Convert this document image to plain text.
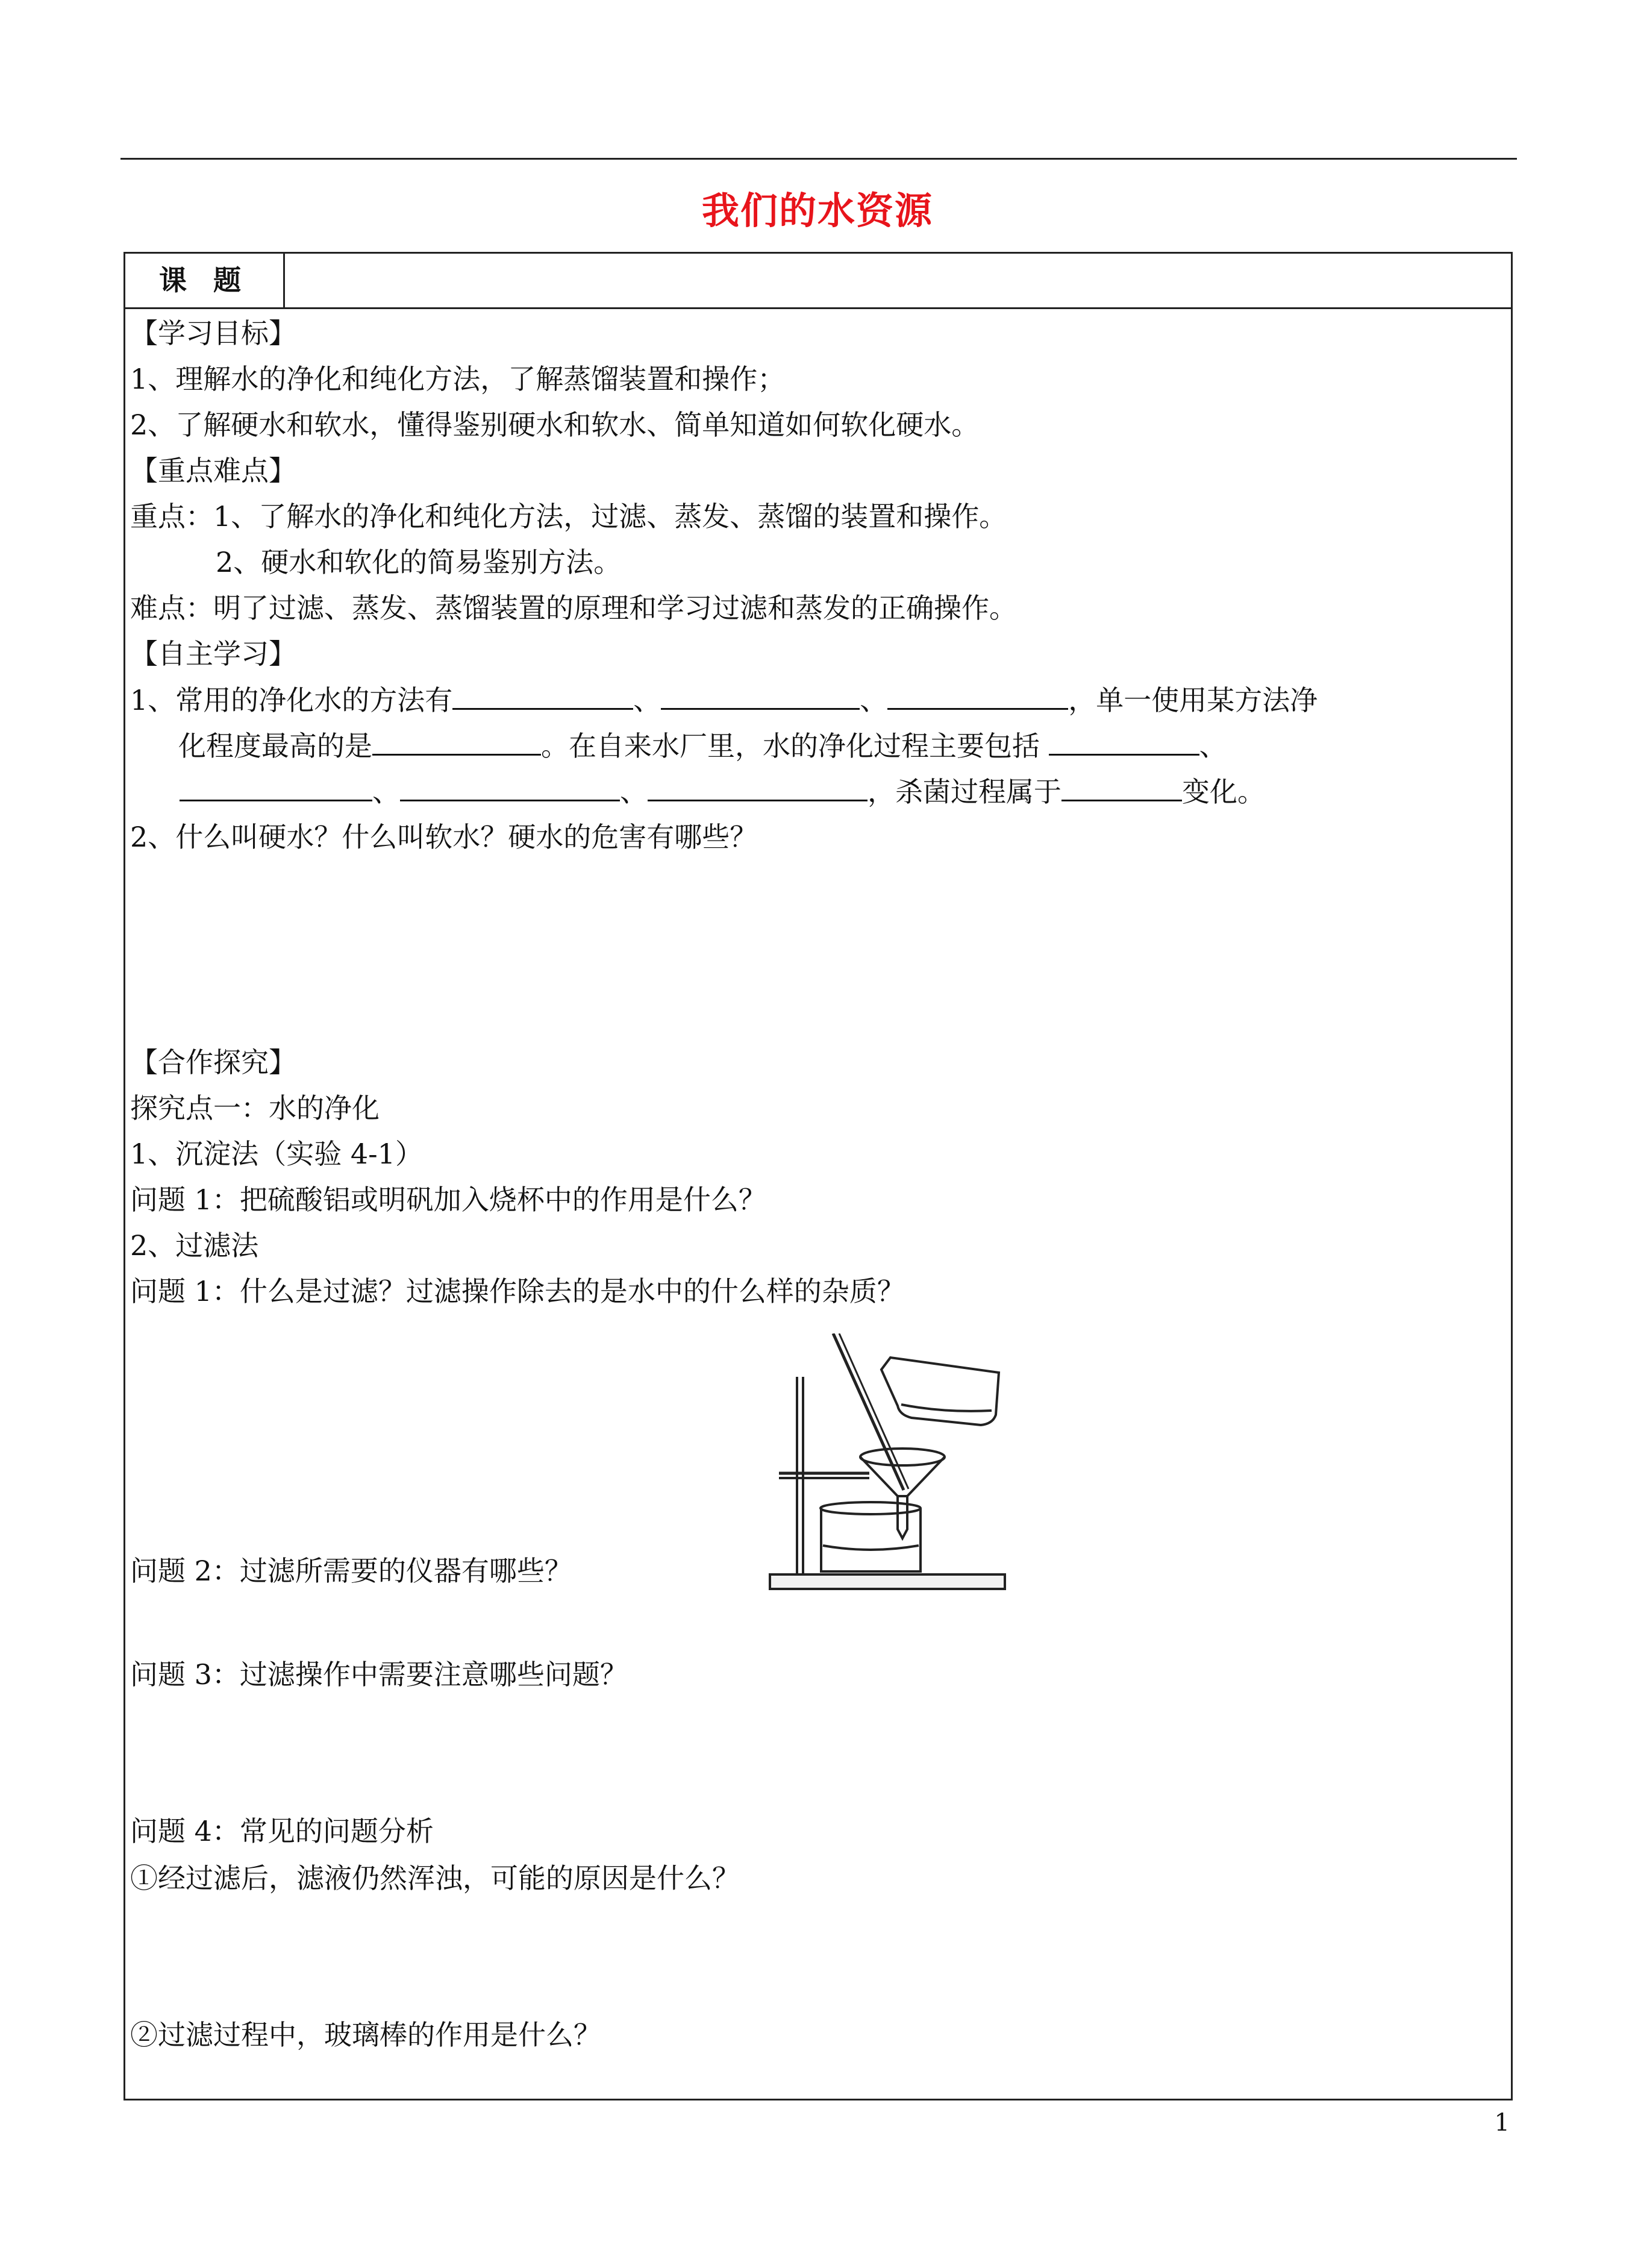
我们的水资源
课 题
【学习目标】
1、理解水的净化和纯化方法，了解蒸馏装置和操作；
2、了解硬水和软水，懂得鉴别硬水和软水、简单知道如何软化硬水。
【重点难点】
重点：1、了解水的净化和纯化方法，过滤、蒸发、蒸馏的装置和操作。
2、硬水和软化的简易鉴别方法。
难点：明了过滤、蒸发、蒸馏装置的原理和学习过滤和蒸发的正确操作。
【自主学习】
1、常用的净化水的方法有	、	、	，单一使用某方法净
化程度最高的是	。在自来水厂里，水的净化过程主要包括	、
、	、	，杀菌过程属于	变化。
2、什么叫硬水？什么叫软水？硬水的危害有哪些？
【合作探究】
探究点一：水的净化
1、沉淀法（实验 4-1）
问题 1：把硫酸铝或明矾加入烧杯中的作用是什么？
2、过滤法
问题 1：什么是过滤？过滤操作除去的是水中的什么样的杂质？
问题 2：过滤所需要的仪器有哪些？
问题 3：过滤操作中需要注意哪些问题？
问题 4：常见的问题分析
①经过滤后，滤液仍然浑浊，可能的原因是什么？
②过滤过程中，玻璃棒的作用是什么？
1
